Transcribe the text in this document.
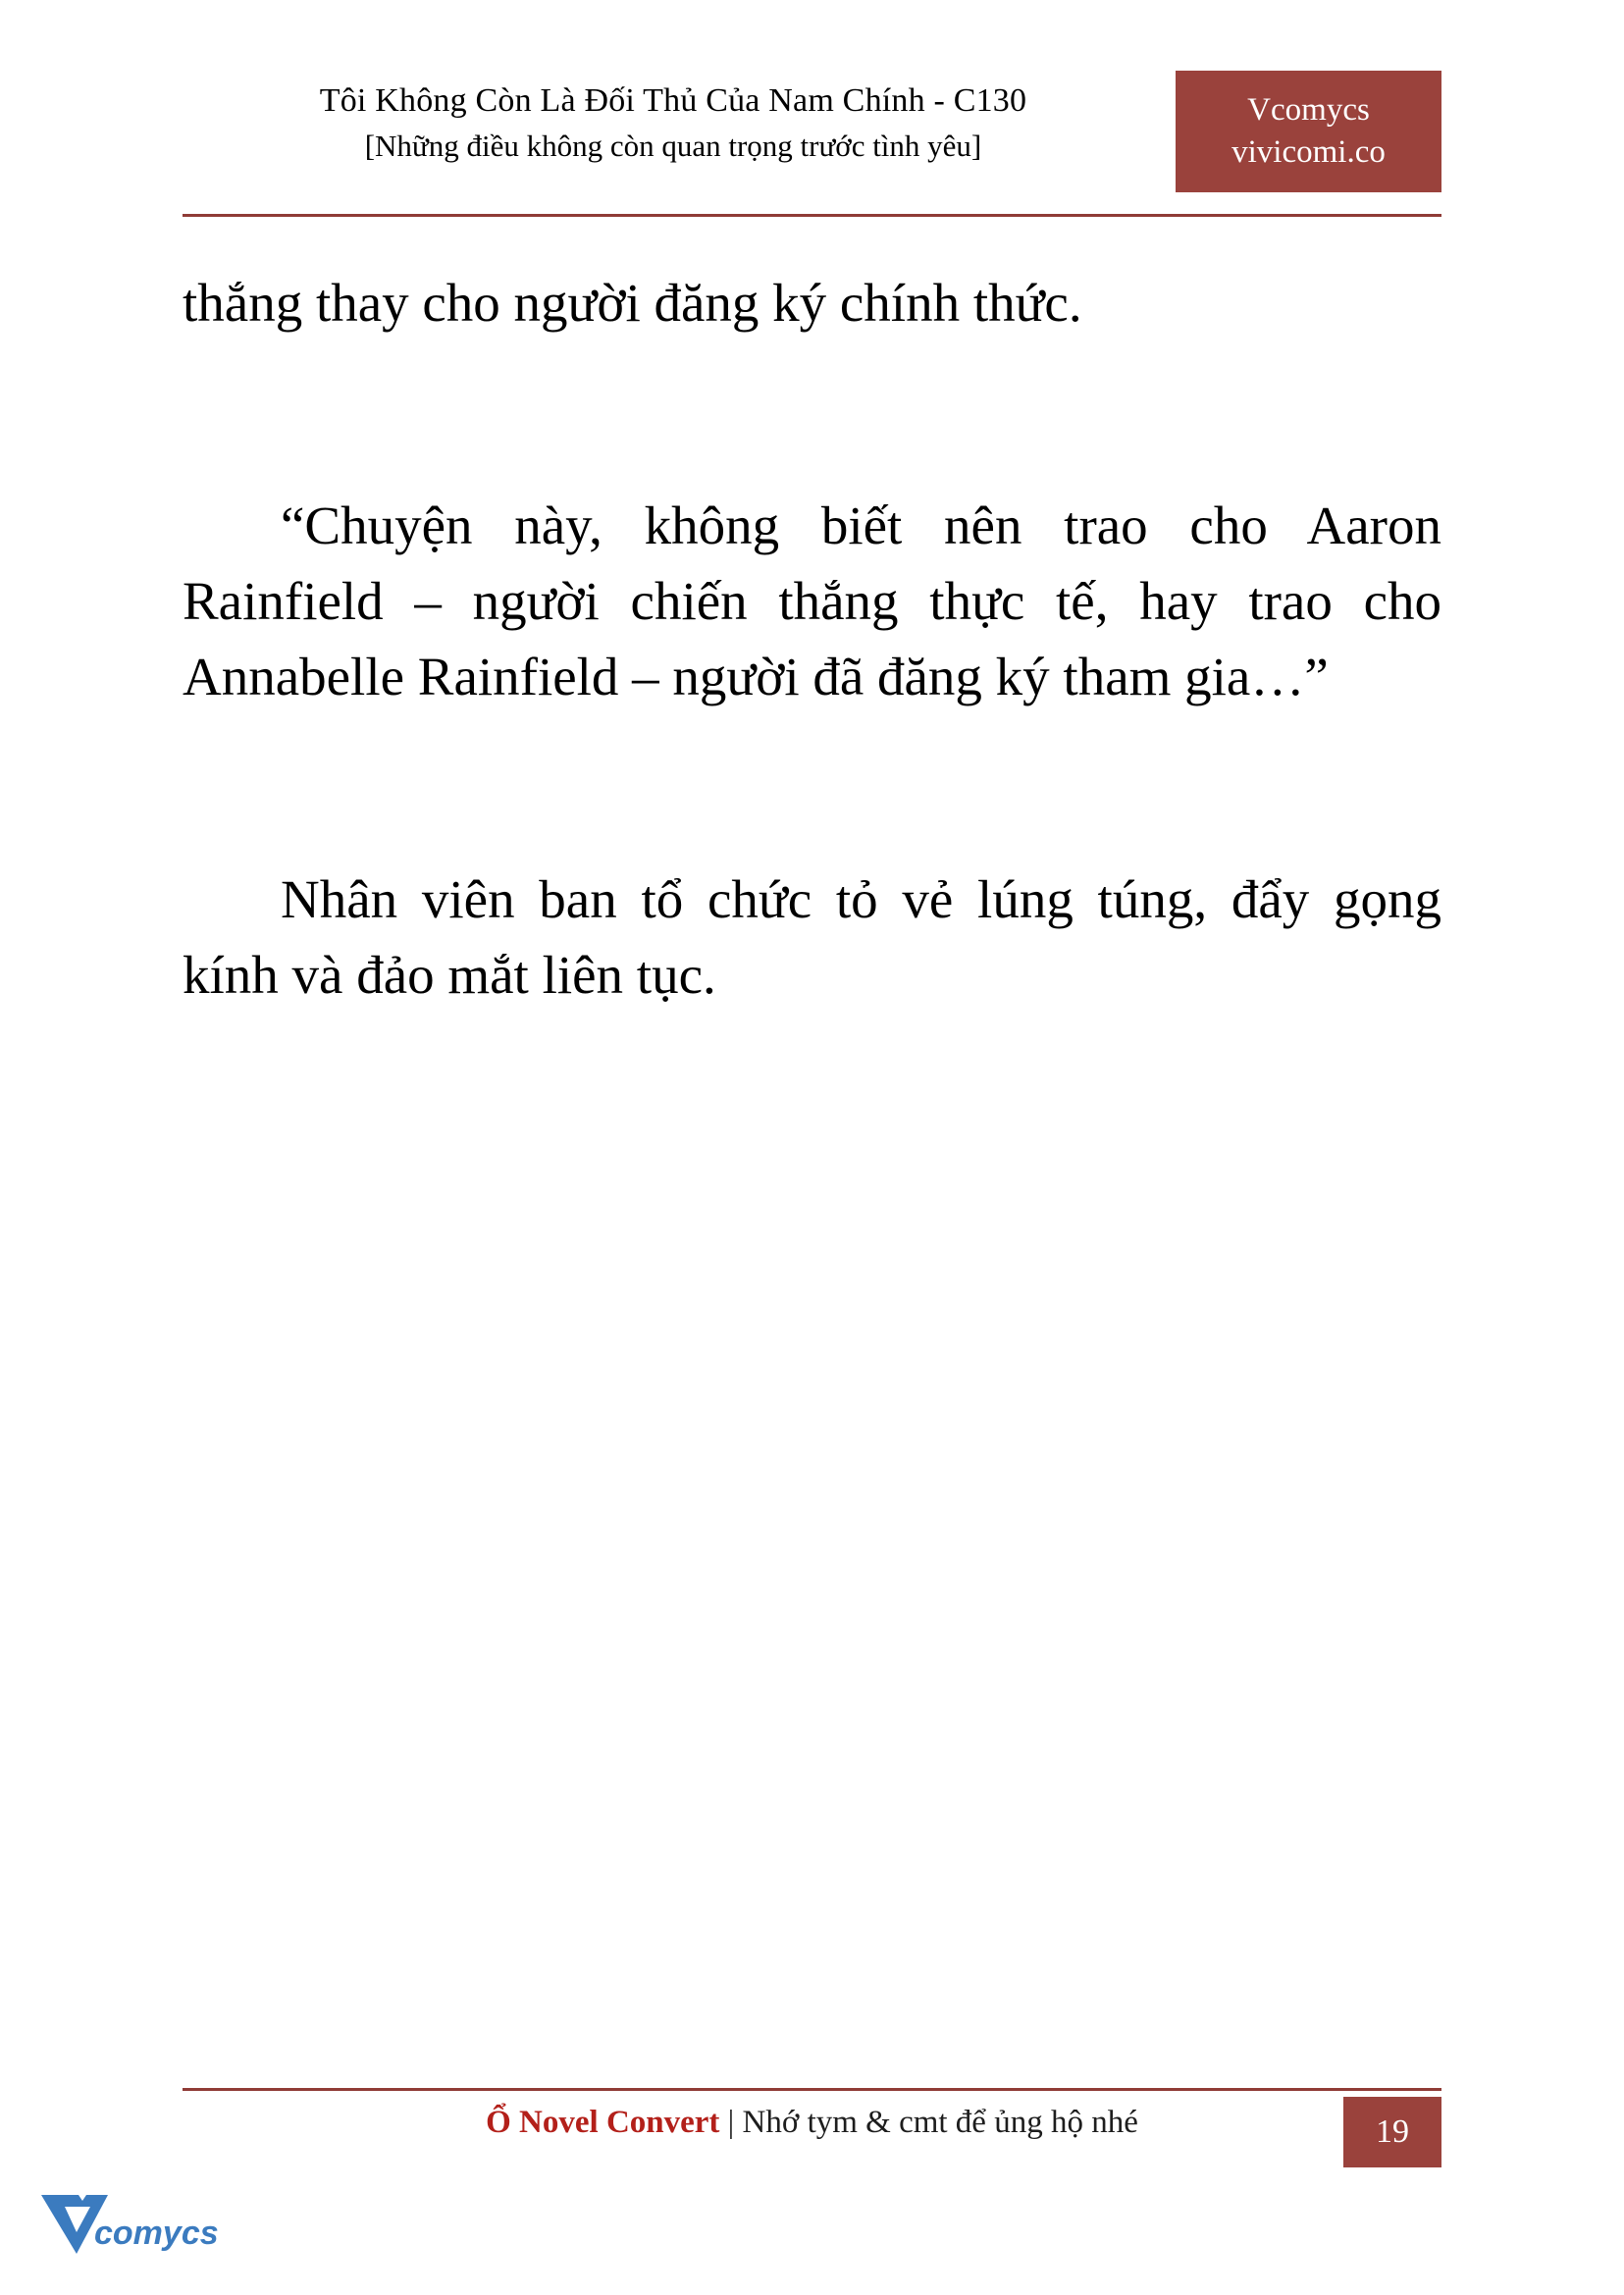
Tôi Không Còn Là Đối Thủ Của Nam Chính - C130
[Những điều không còn quan trọng trước tình yêu]
Vcomycs
vivicomi.co

thắng thay cho người đăng ký chính thức.

“Chuyện này, không biết nên trao cho Aaron Rainfield – người chiến thắng thực tế, hay trao cho Annabelle Rainfield – người đã đăng ký tham gia…”

Nhân viên ban tổ chức tỏ vẻ lúng túng, đẩy gọng kính và đảo mắt liên tục.

Ổ Novel Convert | Nhớ tym & cmt để ủng hộ nhé	19
comycs
